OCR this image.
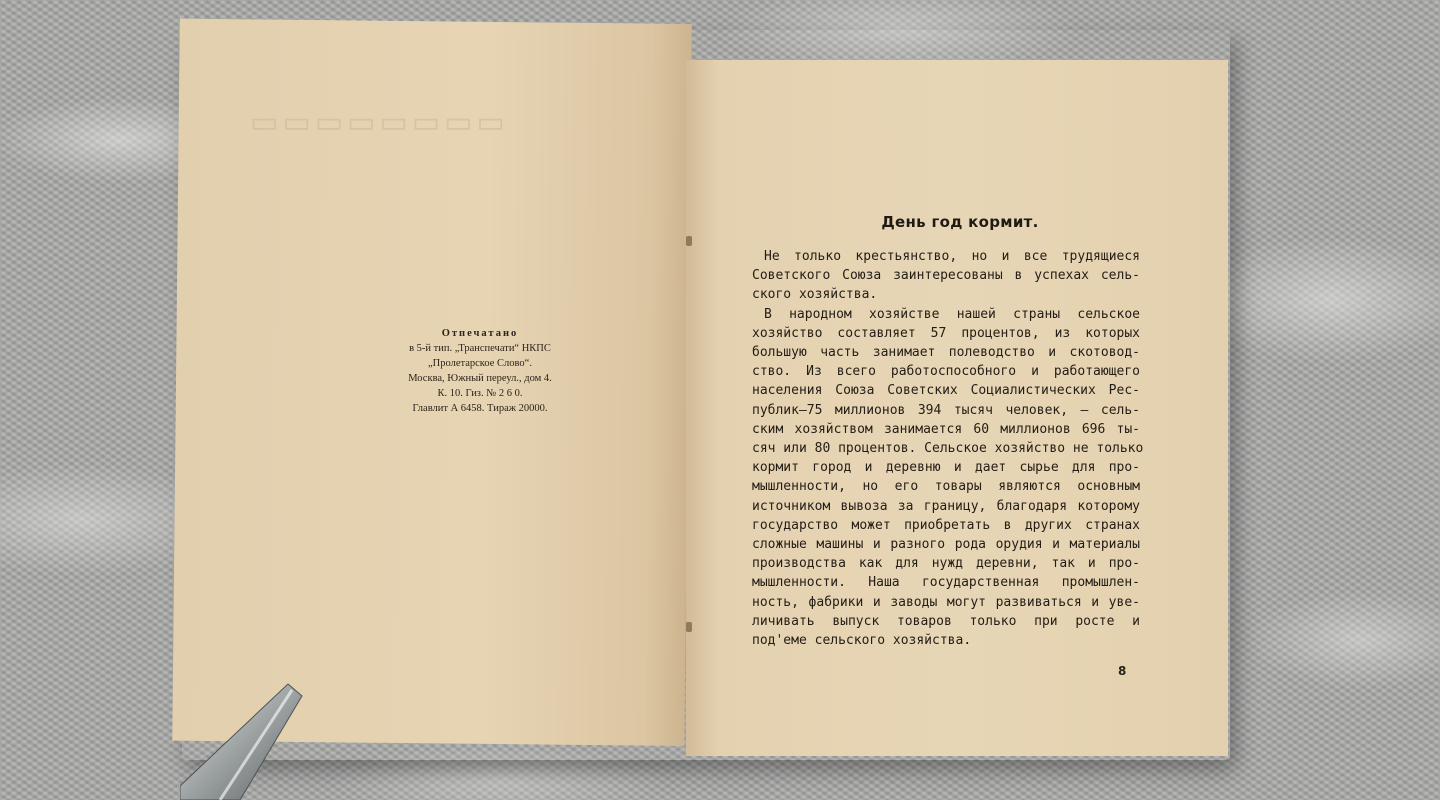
▭▭▭▭▭▭▭▭
Отпечатано
в 5-й тип. „Транспечати“ НКПС
„Пролетарское Слово“.
Москва, Южный переул., дом 4.
К. 10. Гиз. № 2 6 0.
Главлит А 6458. Тираж 20000.
День год кормит.
Не только крестьянство, но и все трудящиеся
Советского Союза заинтересованы в успехах сель-
ского хозяйства.
В народном хозяйстве нашей страны сельское
хозяйство составляет 57 процентов, из которых
большую часть занимает полеводство и скотовод-
ство. Из всего работоспособного и работающего
населения Союза Советских Социалистических Рес-
публик—75 миллионов 394 тысяч человек, — сель-
ским хозяйством занимается 60 миллионов 696 ты-
сяч или 80 процентов. Сельское хозяйство не только
кормит город и деревню и дает сырье для про-
мышленности, но его товары являются основным
источником вывоза за границу, благодаря которому
государство может приобретать в других странах
сложные машины и разного рода орудия и материалы
производства как для нужд деревни, так и про-
мышленности. Наша государственная промышлен-
ность, фабрики и заводы могут развиваться и уве-
личивать выпуск товаров только при росте и
под'еме сельского хозяйства.
8
